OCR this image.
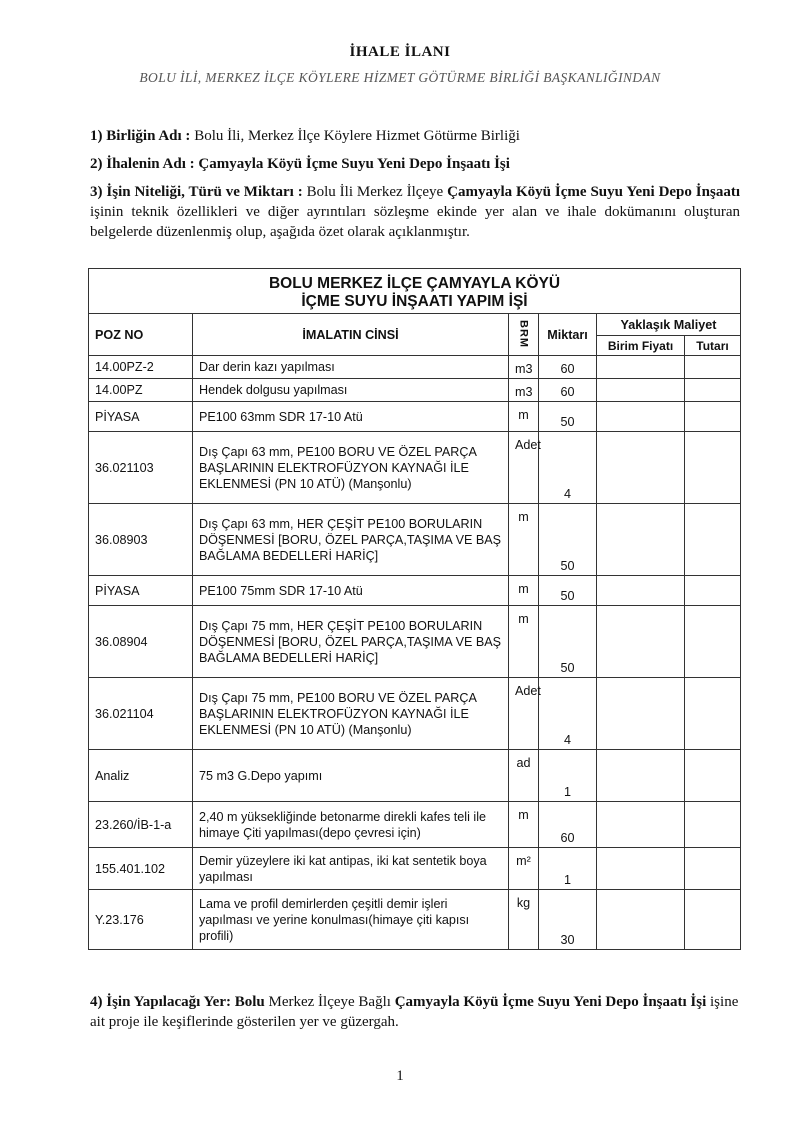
İHALE İLANI
BOLU İLİ, MERKEZ İLÇE KÖYLERE HİZMET GÖTÜRME BİRLİĞİ BAŞKANLIĞINDAN
1) Birliğin Adı : Bolu İli, Merkez İlçe Köylere Hizmet Götürme Birliği
2) İhalenin Adı : Çamyayla Köyü İçme Suyu Yeni Depo İnşaatı İşi
3) İşin Niteliği, Türü ve Miktarı : Bolu İli Merkez İlçeye Çamyayla Köyü İçme Suyu Yeni Depo İnşaatı işinin teknik özellikleri ve diğer ayrıntıları sözleşme ekinde yer alan ve ihale dokümanını oluşturan belgelerde düzenlenmiş olup, aşağıda özet olarak açıklanmıştır.
BOLU MERKEZ İLÇE ÇAMYAYLA KÖYÜ
İÇME SUYU İNŞAATI YAPIM İŞİ					

POZ NO	İMALATIN CİNSİ	BRM	Miktarı	Yaklaşık Maliyet	
				Birim Fiyatı	Tutarı
14.00PZ-2	Dar derin kazı yapılması	m3	60		
14.00PZ	Hendek dolgusu yapılması	m3	60		
PİYASA	PE100 63mm SDR 17-10 Atü	m	50		
36.021103	Dış Çapı 63 mm, PE100 BORU VE ÖZEL PARÇA BAŞLARININ ELEKTROFÜZYON KAYNAĞI İLE EKLENMESİ (PN 10 ATÜ) (Manşonlu)	Adet	4		
36.08903	Dış Çapı 63 mm, HER ÇEŞİT PE100 BORULARIN DÖŞENMESİ [BORU, ÖZEL PARÇA,TAŞIMA VE BAŞ BAĞLAMA BEDELLERİ HARİÇ]	m	50		
PİYASA	PE100 75mm SDR 17-10 Atü	m	50		
36.08904	Dış Çapı 75 mm, HER ÇEŞİT PE100 BORULARIN DÖŞENMESİ [BORU, ÖZEL PARÇA,TAŞIMA VE BAŞ BAĞLAMA BEDELLERİ HARİÇ]	m	50		
36.021104	Dış Çapı 75 mm, PE100 BORU VE ÖZEL PARÇA BAŞLARININ ELEKTROFÜZYON KAYNAĞI İLE EKLENMESİ (PN 10 ATÜ) (Manşonlu)	Adet	4		
Analiz	75 m3 G.Depo yapımı	ad	1		
23.260/İB-1-a	2,40 m yüksekliğinde betonarme direkli kafes teli ile himaye Çiti yapılması(depo çevresi için)	m	60		
155.401.102	Demir yüzeylere iki kat antipas, iki kat sentetik boya yapılması	m²	1		
Y.23.176	Lama ve profil demirlerden çeşitli demir işleri yapılması ve yerine konulması(himaye çiti kapısı profili)	kg	30		
4) İşin Yapılacağı Yer: Bolu Merkez İlçeye Bağlı Çamyayla Köyü İçme Suyu Yeni Depo İnşaatı İşi işine ait proje ile keşiflerinde gösterilen yer ve güzergah.
1
